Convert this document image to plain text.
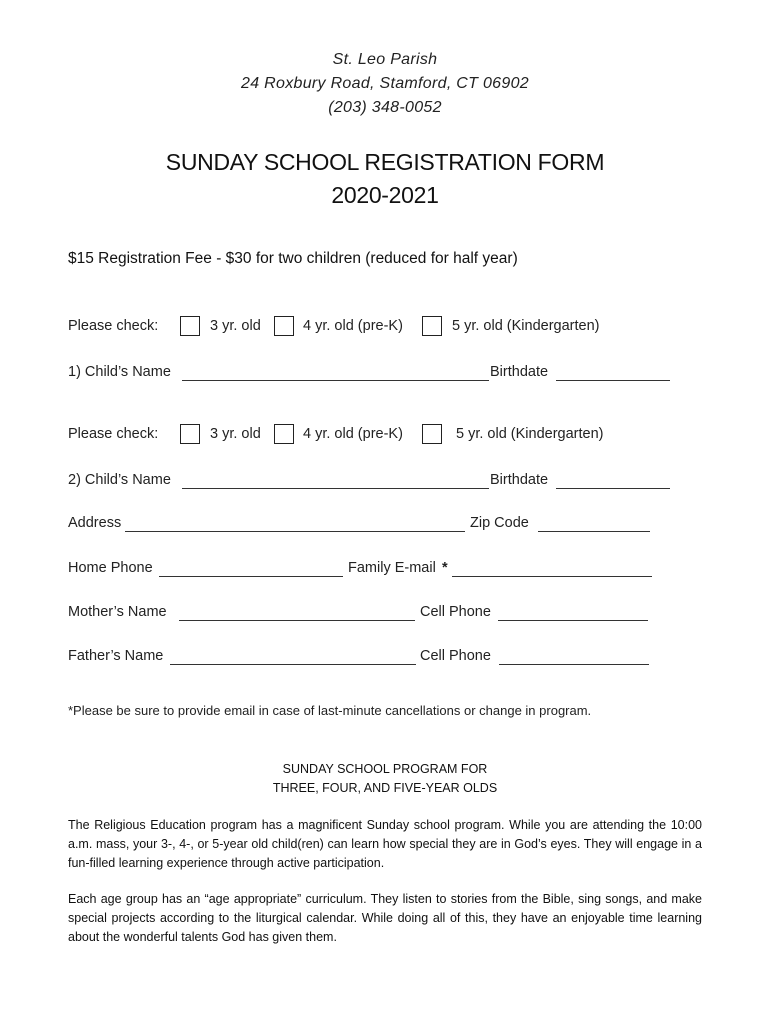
St. Leo Parish
24 Roxbury Road, Stamford, CT 06902
(203) 348-0052
SUNDAY SCHOOL REGISTRATION FORM
2020-2021
$15 Registration Fee - $30 for two children (reduced for half year)
Please check:	3 yr. old	4 yr. old (pre-K)	5 yr. old (Kindergarten)
1) Child’s Name	Birthdate
Please check:	3 yr. old	4 yr. old (pre-K)	5 yr. old (Kindergarten)
2) Child’s Name	Birthdate
Address	Zip Code
Home Phone	Family E-mail *
Mother’s Name	Cell Phone
Father’s Name	Cell Phone
*Please be sure to provide email in case of last-minute cancellations or change in program.
SUNDAY SCHOOL PROGRAM FOR
THREE, FOUR, AND FIVE-YEAR OLDS
The Religious Education program has a magnificent Sunday school program. While you are attending the 10:00 a.m. mass, your 3-, 4-, or 5-year old child(ren) can learn how special they are in God’s eyes. They will engage in a fun-filled learning experience through active participation.
Each age group has an “age appropriate” curriculum. They listen to stories from the Bible, sing songs, and make special projects according to the liturgical calendar. While doing all of this, they have an enjoyable time learning about the wonderful talents God has given them.
